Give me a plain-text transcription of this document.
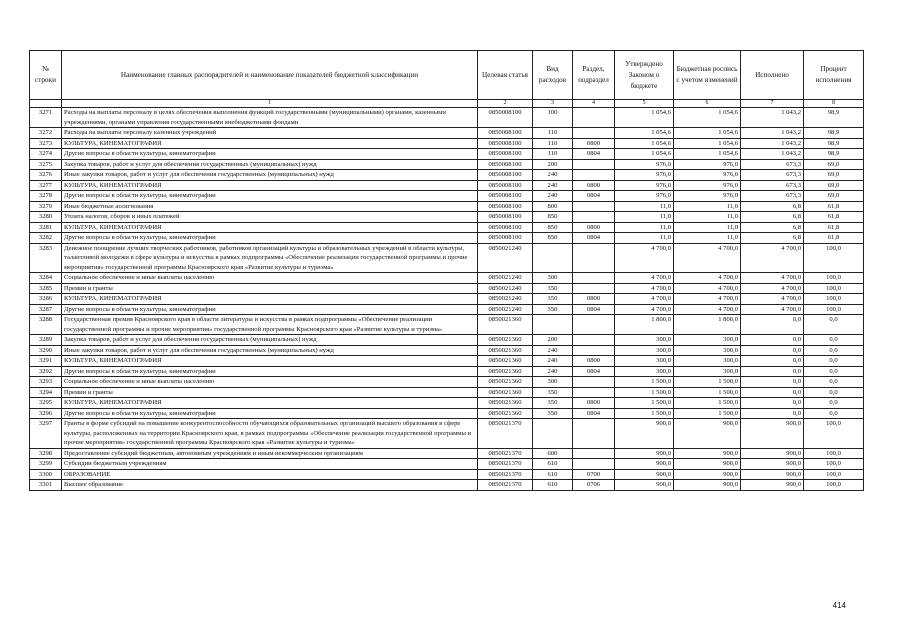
№ строки	Наименование главных распорядителей и наименование показателей бюджетной классификации	Целевая статья	Вид расходов	Раздел, подраздел	Утверждено Законом о бюджете	Бюджетная роспись с учетом изменений	Исполнено	Процент исполнения
	1	2	3	4	5	6	7	8
3271	Расходы на выплаты персоналу в целях обеспечения выполнения функций государственными (муниципальными) органами, казенными учреждениями, органами управления государственными внебюджетными фондами	0850008100	100		1 054,6	1 054,6	1 043,2	98,9
3272	Расходы на выплаты персоналу казенных учреждений	0850008100	110		1 054,6	1 054,6	1 043,2	98,9
3273	КУЛЬТУРА, КИНЕМАТОГРАФИЯ	0850008100	110	0800	1 054,6	1 054,6	1 043,2	98,9
3274	Другие вопросы в области культуры, кинематографии	0850008100	110	0804	1 054,6	1 054,6	1 043,2	98,9
3275	Закупка товаров, работ и услуг для обеспечения государственных (муниципальных) нужд	0850008100	200		976,0	976,0	673,3	69,0
3276	Иные закупки товаров, работ и услуг для обеспечения государственных (муниципальных) нужд	0850008100	240		976,0	976,0	673,3	69,0
3277	КУЛЬТУРА, КИНЕМАТОГРАФИЯ	0850008100	240	0800	976,0	976,0	673,3	69,0
3278	Другие вопросы в области культуры, кинематографии	0850008100	240	0804	976,0	976,0	673,3	69,0
3279	Иные бюджетные ассигнования	0850008100	800		11,0	11,0	6,8	61,8
3280	Уплата налогов, сборов и иных платежей	0850008100	850		11,0	11,0	6,8	61,8
3281	КУЛЬТУРА, КИНЕМАТОГРАФИЯ	0850008100	850	0800	11,0	11,0	6,8	61,8
3282	Другие вопросы в области культуры, кинематографии	0850008100	850	0804	11,0	11,0	6,8	61,8
3283	Денежное поощрение лучших творческих работников, работников организаций культуры и образовательных учреждений в области культуры, талантливой молодежи в сфере культуры и искусства в рамках подпрограммы «Обеспечение реализации государственной программы и прочие мероприятия» государственной программы Красноярского края «Развитие культуры и туризма»	0850021240			4 700,0	4 700,0	4 700,0	100,0
3284	Социальное обеспечение и иные выплаты населению	0850021240	300		4 700,0	4 700,0	4 700,0	100,0
3285	Премии и гранты	0850021240	350		4 700,0	4 700,0	4 700,0	100,0
3286	КУЛЬТУРА, КИНЕМАТОГРАФИЯ	0850021240	350	0800	4 700,0	4 700,0	4 700,0	100,0
3287	Другие вопросы в области культуры, кинематографии	0850021240	350	0804	4 700,0	4 700,0	4 700,0	100,0
3288	Государственная премия Красноярского края в области литературы и искусства в рамках подпрограммы «Обеспечение реализации государственной программы и прочие мероприятия» государственной программы Красноярского края «Развитие культуры и туризма»	0850021360			1 800,0	1 800,0	0,0	0,0
3289	Закупка товаров, работ и услуг для обеспечения государственных (муниципальных) нужд	0850021360	200		300,0	300,0	0,0	0,0
3290	Иные закупки товаров, работ и услуг для обеспечения государственных (муниципальных) нужд	0850021360	240		300,0	300,0	0,0	0,0
3291	КУЛЬТУРА, КИНЕМАТОГРАФИЯ	0850021360	240	0800	300,0	300,0	0,0	0,0
3292	Другие вопросы в области культуры, кинематографии	0850021360	240	0804	300,0	300,0	0,0	0,0
3293	Социальное обеспечение и иные выплаты населению	0850021360	300		1 500,0	1 500,0	0,0	0,0
3294	Премии и гранты	0850021360	350		1 500,0	1 500,0	0,0	0,0
3295	КУЛЬТУРА, КИНЕМАТОГРАФИЯ	0850021360	350	0800	1 500,0	1 500,0	0,0	0,0
3296	Другие вопросы в области культуры, кинематографии	0850021360	350	0804	1 500,0	1 500,0	0,0	0,0
3297	Гранты в форме субсидий на повышение конкурентоспособности обучающихся образовательных организаций высшего образования в сфере культуры, расположенных на территории Красноярского края, в рамках подпрограммы «Обеспечение реализации государственной программы и прочие мероприятия» государственной программы Красноярского края «Развитие культуры и туризма»	0850021370			900,0	900,0	900,0	100,0
3298	Предоставление субсидий бюджетным, автономным учреждениям и иным некоммерческим организациям	0850021370	600		900,0	900,0	900,0	100,0
3299	Субсидии бюджетным учреждениям	0850021370	610		900,0	900,0	900,0	100,0
3300	ОБРАЗОВАНИЕ	0850021370	610	0700	900,0	900,0	900,0	100,0
3301	Высшее образование	0850021370	610	0706	900,0	900,0	900,0	100,0
414
